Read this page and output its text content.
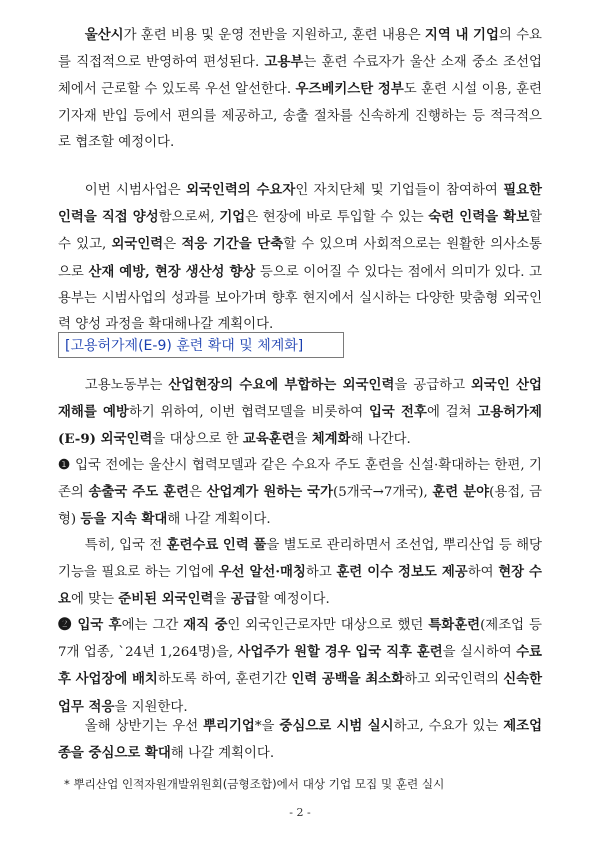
울산시가 훈련 비용 및 운영 전반을 지원하고, 훈련 내용은 지역 내 기업의 수요를 직접적으로 반영하여 편성된다. 고용부는 훈련 수료자가 울산 소재 중소 조선업체에서 근로할 수 있도록 우선 알선한다. 우즈베키스탄 정부도 훈련 시설 이용, 훈련 기자재 반입 등에서 편의를 제공하고, 송출 절차를 신속하게 진행하는 등 적극적으로 협조할 예정이다.

이번 시범사업은 외국인력의 수요자인 자치단체 및 기업들이 참여하여 필요한 인력을 직접 양성함으로써, 기업은 현장에 바로 투입할 수 있는 숙련 인력을 확보할 수 있고, 외국인력은 적응 기간을 단축할 수 있으며 사회적으로는 원활한 의사소통으로 산재 예방, 현장 생산성 향상 등으로 이어질 수 있다는 점에서 의미가 있다. 고용부는 시범사업의 성과를 보아가며 향후 현지에서 실시하는 다양한 맞춤형 외국인력 양성 과정을 확대해나갈 계획이다.

[고용허가제(E-9) 훈련 확대 및 체계화]

고용노동부는 산업현장의 수요에 부합하는 외국인력을 공급하고 외국인 산업재해를 예방하기 위하여, 이번 협력모델을 비롯하여 입국 전후에 걸쳐 고용허가제(E-9) 외국인력을 대상으로 한 교육훈련을 체계화해 나간다.

❶ 입국 전에는 울산시 협력모델과 같은 수요자 주도 훈련을 신설·확대하는 한편, 기존의 송출국 주도 훈련은 산업계가 원하는 국가(5개국→7개국), 훈련 분야(용접, 금형) 등을 지속 확대해 나갈 계획이다.

특히, 입국 전 훈련수료 인력 풀을 별도로 관리하면서 조선업, 뿌리산업 등 해당 기능을 필요로 하는 기업에 우선 알선·매칭하고 훈련 이수 정보도 제공하여 현장 수요에 맞는 준비된 외국인력을 공급할 예정이다.

❷ 입국 후에는 그간 재직 중인 외국인근로자만 대상으로 했던 특화훈련(제조업 등 7개 업종, `24년 1,264명)을, 사업주가 원할 경우 입국 직후 훈련을 실시하여 수료 후 사업장에 배치하도록 하여, 훈련기간 인력 공백을 최소화하고 외국인력의 신속한 업무 적응을 지원한다.

올해 상반기는 우선 뿌리기업*을 중심으로 시범 실시하고, 수요가 있는 제조업종을 중심으로 확대해 나갈 계획이다.

* 뿌리산업 인적자원개발위원회(금형조합)에서 대상 기업 모집 및 훈련 실시
- 2 -
